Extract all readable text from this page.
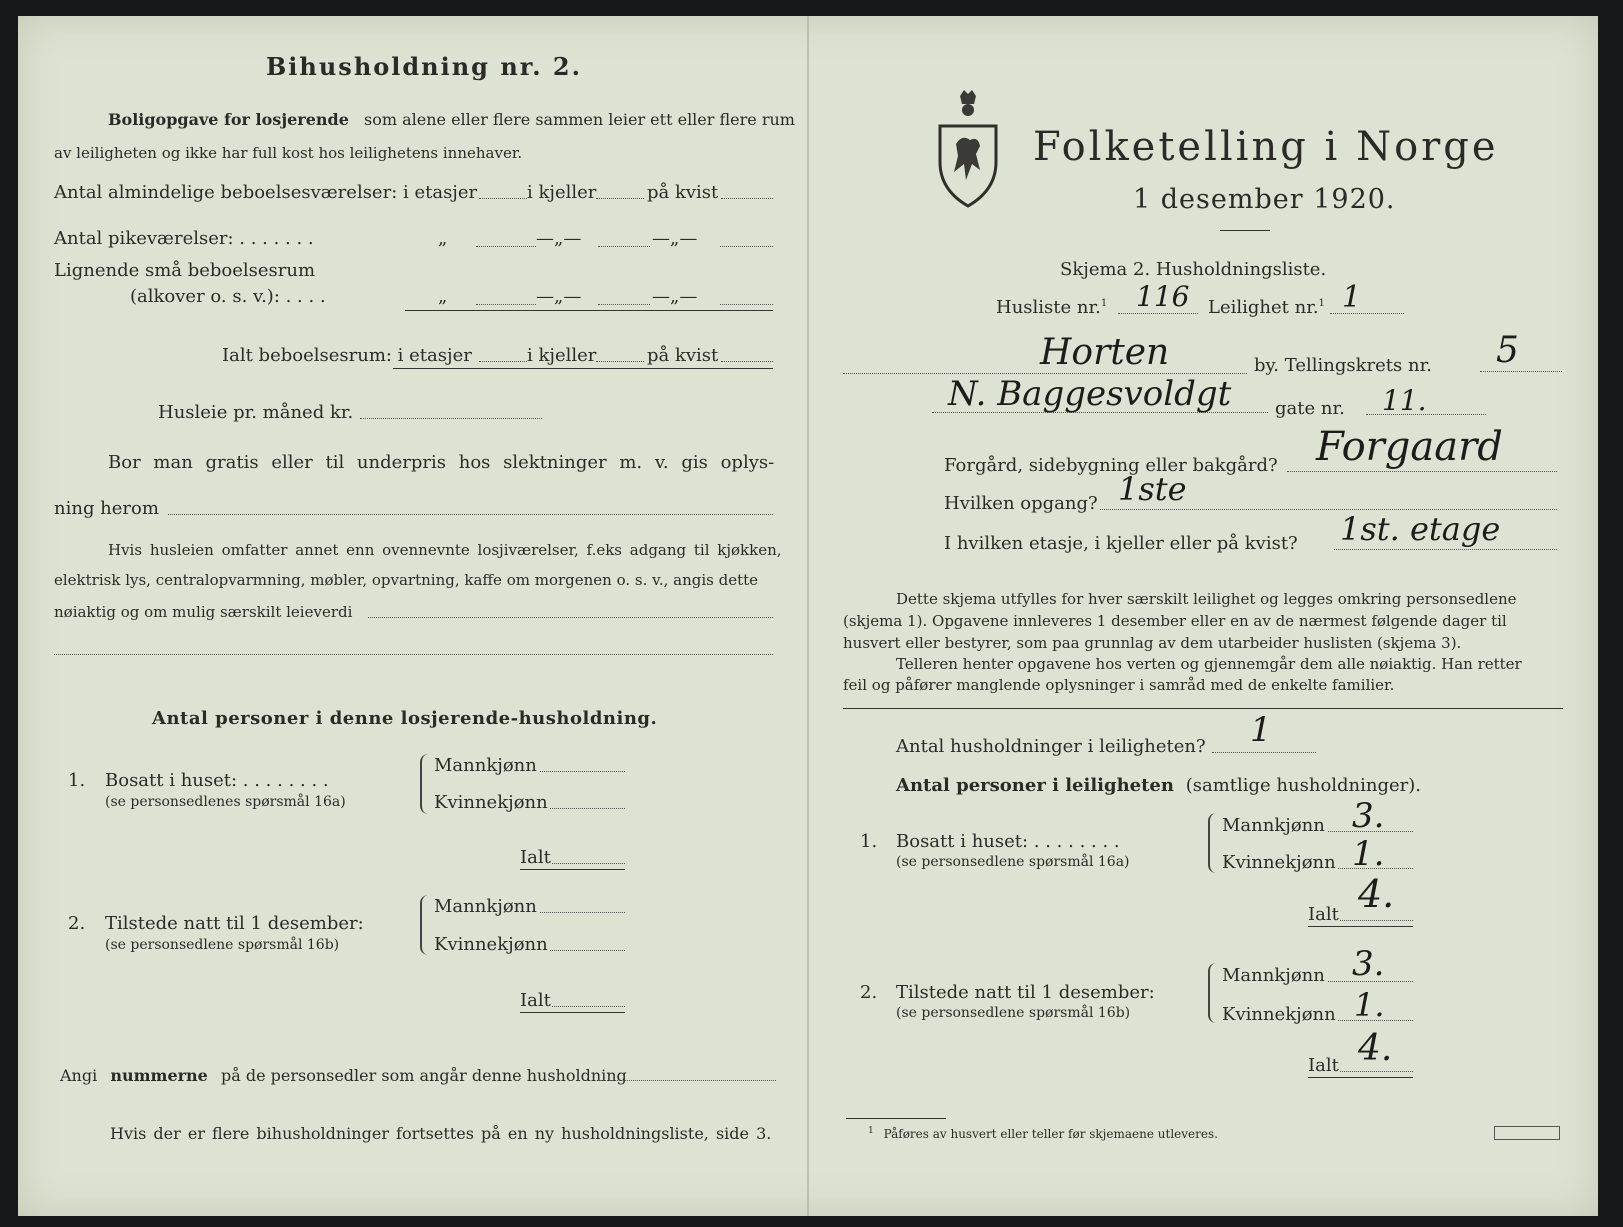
Bihusholdning nr. 2.
Boligopgave for losjerende som alene eller flere sammen leier ett eller flere rum
av leiligheten og ikke har full kost hos leilighetens innehaver.
Antal almindelige beboelsesværelser: i etasjer	i kjeller	på kvist
Antal pikeværelser: . . . . . . .	„	—„—	—„—
Lignende små beboelsesrum
(alkover o. s. v.): . . . .	„	—„—	—„—
Ialt beboelsesrum: i etasjer	i kjeller	på kvist
Husleie pr. måned kr.
Bor man gratis eller til underpris hos slektninger m. v. gis oplys-
ning herom
Hvis husleien omfatter annet enn ovennevnte losjiværelser, f.eks adgang til kjøkken,
elektrisk lys, centralopvarmning, møbler, opvartning, kaffe om morgenen o. s. v., angis dette
nøiaktig og om mulig særskilt leieverdi
Antal personer i denne losjerende-husholdning.
1. Bosatt i huset: . . . . . . . .
(se personsedlenes spørsmål 16a)
Mannkjønn
Kvinnekjønn
Ialt
2. Tilstede natt til 1 desember:
(se personsedlene spørsmål 16b)
Mannkjønn
Kvinnekjønn
Ialt
Angi nummerne på de personsedler som angår denne husholdning
Hvis der er flere bihusholdninger fortsettes på en ny husholdningsliste, side 3.
Folketelling i Norge
1 desember 1920.
Skjema 2. Husholdningsliste.
Husliste nr.$^1$ 116 Leilighet nr.$^1$ 1
Horten	by. Tellingskrets nr. 5
N. Baggesvoldgt gate nr. 11.
Forgård, sidebygning eller bakgård? Forgaard
Hvilken opgang? 1ste
I hvilken etasje, i kjeller eller på kvist? 1st. etage
Dette skjema utfylles for hver særskilt leilighet og legges omkring personsedlene
(skjema 1). Opgavene innleveres 1 desember eller en av de nærmest følgende dager til
husvert eller bestyrer, som paa grunnlag av dem utarbeider huslisten (skjema 3).
Telleren henter opgavene hos verten og gjennemgår dem alle nøiaktig. Han retter
feil og påfører manglende oplysninger i samråd med de enkelte familier.
Antal husholdninger i leiligheten? 1
Antal personer i leiligheten (samtlige husholdninger).
1. Bosatt i huset: . . . . . . . .
(se personsedlene spørsmål 16a)
Mannkjønn 3.
Kvinnekjønn 1.
Ialt 4.
2. Tilstede natt til 1 desember:
(se personsedlene spørsmål 16b)
Mannkjønn 3.
Kvinnekjønn 1.
Ialt 4.
$^1$ Påføres av husvert eller teller før skjemaene utleveres.
